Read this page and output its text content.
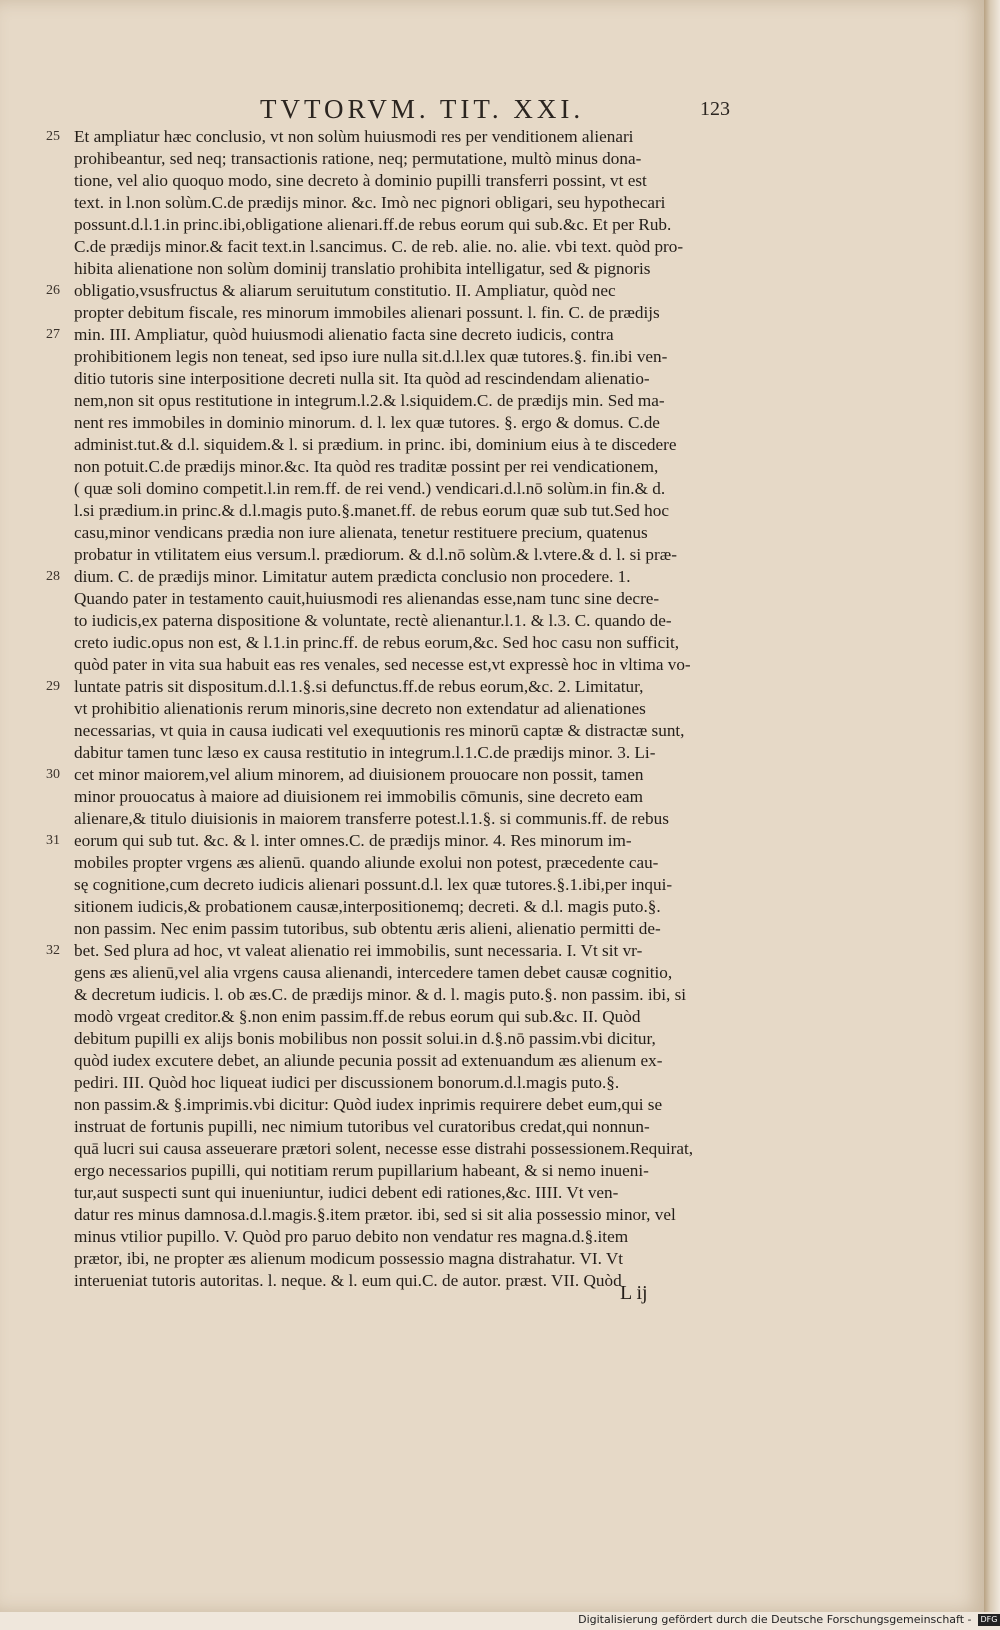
TVTORVM. TIT. XXI.	123
25 Et ampliatur hæc conclusio, vt non solùm huiusmodi res per venditionem alienari
prohibeantur, sed neq; transactionis ratione, neq; permutatione, multò minus dona-
tione, vel alio quoquo modo, sine decreto à dominio pupilli transferri possint, vt est
text. in l.non solùm.C.de prædijs minor. &c. Imò nec pignori obligari, seu hypothecari
possunt.d.l.1.in princ.ibi,obligatione alienari.ff.de rebus eorum qui sub.&c. Et per Rub.
C.de prædijs minor.& facit text.in l.sancimus. C. de reb. alie. no. alie. vbi text. quòd pro-
hibita alienatione non solùm dominij translatio prohibita intelligatur, sed & pignoris
26 obligatio,vsusfructus & aliarum seruitutum constitutio. II. Ampliatur, quòd nec
propter debitum fiscale, res minorum immobiles alienari possunt. l. fin. C. de prædijs
27 min. III. Ampliatur, quòd huiusmodi alienatio facta sine decreto iudicis, contra
prohibitionem legis non teneat, sed ipso iure nulla sit.d.l.lex quæ tutores.§. fin.ibi ven-
ditio tutoris sine interpositione decreti nulla sit. Ita quòd ad rescindendam alienatio-
nem,non sit opus restitutione in integrum.l.2.& l.siquidem.C. de prædijs min. Sed ma-
nent res immobiles in dominio minorum. d. l. lex quæ tutores. §. ergo & domus. C.de
administ.tut.& d.l. siquidem.& l. si prædium. in princ. ibi, dominium eius à te discedere
non potuit.C.de prædijs minor.&c. Ita quòd res traditæ possint per rei vendicationem,
( quæ soli domino competit.l.in rem.ff. de rei vend.) vendicari.d.l.nō solùm.in fin.& d.
l.si prædium.in princ.& d.l.magis puto.§.manet.ff. de rebus eorum quæ sub tut.Sed hoc
casu,minor vendicans prædia non iure alienata, tenetur restituere precium, quatenus
probatur in vtilitatem eius versum.l. prædiorum. & d.l.nō solùm.& l.vtere.& d. l. si præ-
28 dium. C. de prædijs minor. Limitatur autem prædicta conclusio non procedere. 1.
Quando pater in testamento cauit,huiusmodi res alienandas esse,nam tunc sine decre-
to iudicis,ex paterna dispositione & voluntate, rectè alienantur.l.1. & l.3. C. quando de-
creto iudic.opus non est, & l.1.in princ.ff. de rebus eorum,&c. Sed hoc casu non sufficit,
quòd pater in vita sua habuit eas res venales, sed necesse est,vt expressè hoc in vltima vo-
29 luntate patris sit dispositum.d.l.1.§.si defunctus.ff.de rebus eorum,&c. 2. Limitatur,
vt prohibitio alienationis rerum minoris,sine decreto non extendatur ad alienationes
necessarias, vt quia in causa iudicati vel exequutionis res minorū captæ & distractæ sunt,
dabitur tamen tunc læso ex causa restitutio in integrum.l.1.C.de prædijs minor. 3. Li-
30 cet minor maiorem,vel alium minorem, ad diuisionem prouocare non possit, tamen
minor prouocatus à maiore ad diuisionem rei immobilis cōmunis, sine decreto eam
alienare,& titulo diuisionis in maiorem transferre potest.l.1.§. si communis.ff. de rebus
31 eorum qui sub tut. &c. & l. inter omnes.C. de prædijs minor. 4. Res minorum im-
mobiles propter vrgens æs alienū. quando aliunde exolui non potest, præcedente cau-
sę cognitione,cum decreto iudicis alienari possunt.d.l. lex quæ tutores.§.1.ibi,per inqui-
sitionem iudicis,& probationem causæ,interpositionemq; decreti. & d.l. magis puto.§.
non passim. Nec enim passim tutoribus, sub obtentu æris alieni, alienatio permitti de-
32 bet. Sed plura ad hoc, vt valeat alienatio rei immobilis, sunt necessaria. I. Vt sit vr-
gens æs alienū,vel alia vrgens causa alienandi, intercedere tamen debet causæ cognitio,
& decretum iudicis. l. ob æs.C. de prædijs minor. & d. l. magis puto.§. non passim. ibi, si
modò vrgeat creditor.& §.non enim passim.ff.de rebus eorum qui sub.&c. II. Quòd
debitum pupilli ex alijs bonis mobilibus non possit solui.in d.§.nō passim.vbi dicitur,
quòd iudex excutere debet, an aliunde pecunia possit ad extenuandum æs alienum ex-
pediri. III. Quòd hoc liqueat iudici per discussionem bonorum.d.l.magis puto.§.
non passim.& §.imprimis.vbi dicitur: Quòd iudex inprimis requirere debet eum,qui se
instruat de fortunis pupilli, nec nimium tutoribus vel curatoribus credat,qui nonnun-
quā lucri sui causa asseuerare prætori solent, necesse esse distrahi possessionem.Requirat,
ergo necessarios pupilli, qui notitiam rerum pupillarium habeant, & si nemo inueni-
tur,aut suspecti sunt qui inueniuntur, iudici debent edi rationes,&c. IIII. Vt ven-
datur res minus damnosa.d.l.magis.§.item prætor. ibi, sed si sit alia possessio minor, vel
minus vtilior pupillo. V. Quòd pro paruo debito non vendatur res magna.d.§.item
prætor, ibi, ne propter æs alienum modicum possessio magna distrahatur. VI. Vt
interueniat tutoris autoritas. l. neque. & l. eum qui.C. de autor. præst. VII. Quòd
L ij
Digitalisierung gefördert durch die Deutsche Forschungsgemeinschaft - DFG
